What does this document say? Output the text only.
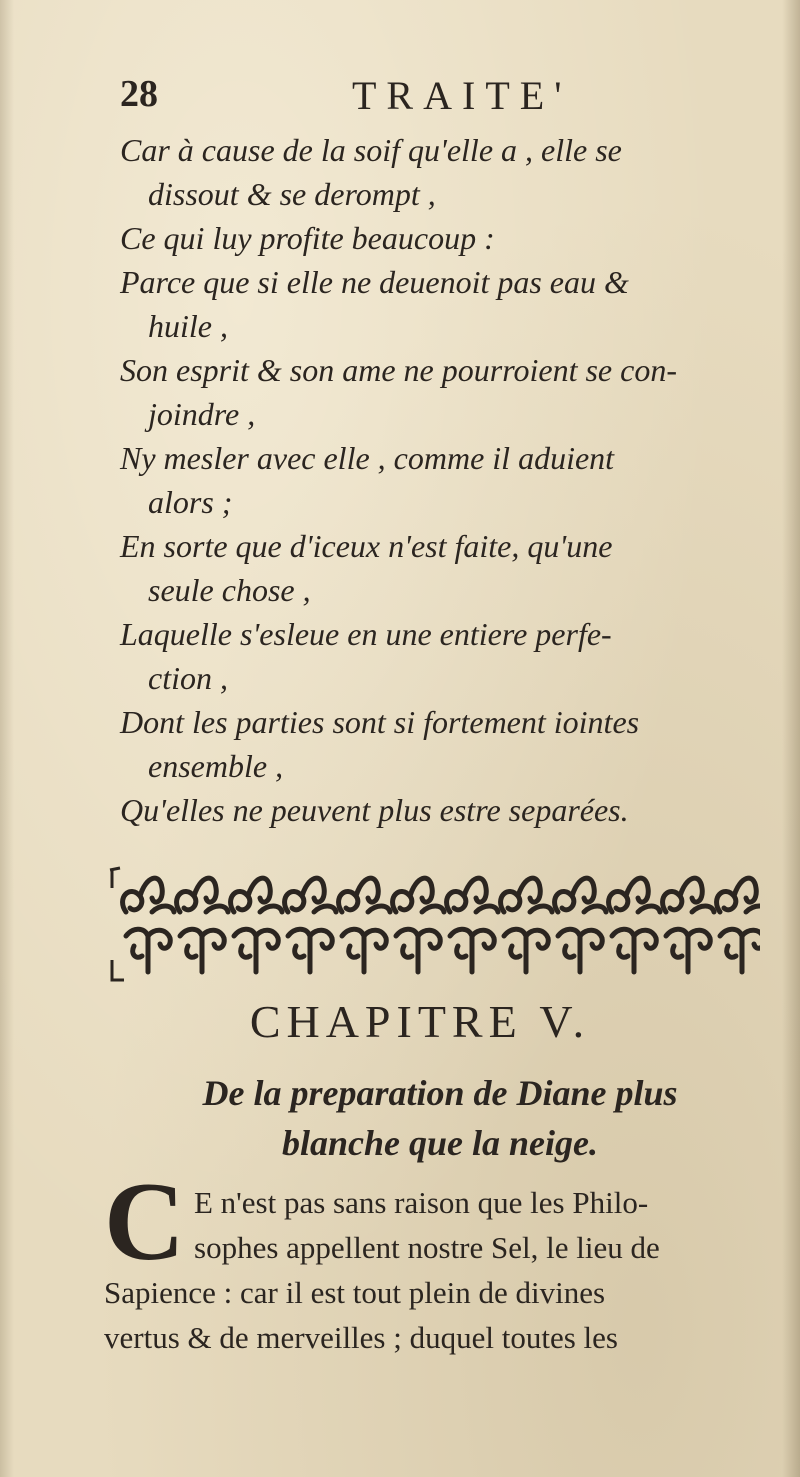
28	TRAITE'
Car à cause de la soif qu'elle a , elle se
dissout & se derompt ,
Ce qui luy profite beaucoup :
Parce que si elle ne deuenoit pas eau &
huile ,
Son esprit & son ame ne pourroient se con-
joindre ,
Ny mesler avec elle , comme il aduient
alors ;
En sorte que d'iceux n'est faite, qu'une
seule chose ,
Laquelle s'esleue en une entiere perfe-
ction ,
Dont les parties sont si fortement iointes
ensemble ,
Qu'elles ne peuvent plus estre separées.
CHAPITRE V.
De la preparation de Diane plus
blanche que la neige.
C E n'est pas sans raison que les Philo-
sophes appellent nostre Sel, le lieu de
Sapience : car il est tout plein de divines
vertus & de merveilles ; duquel toutes les
